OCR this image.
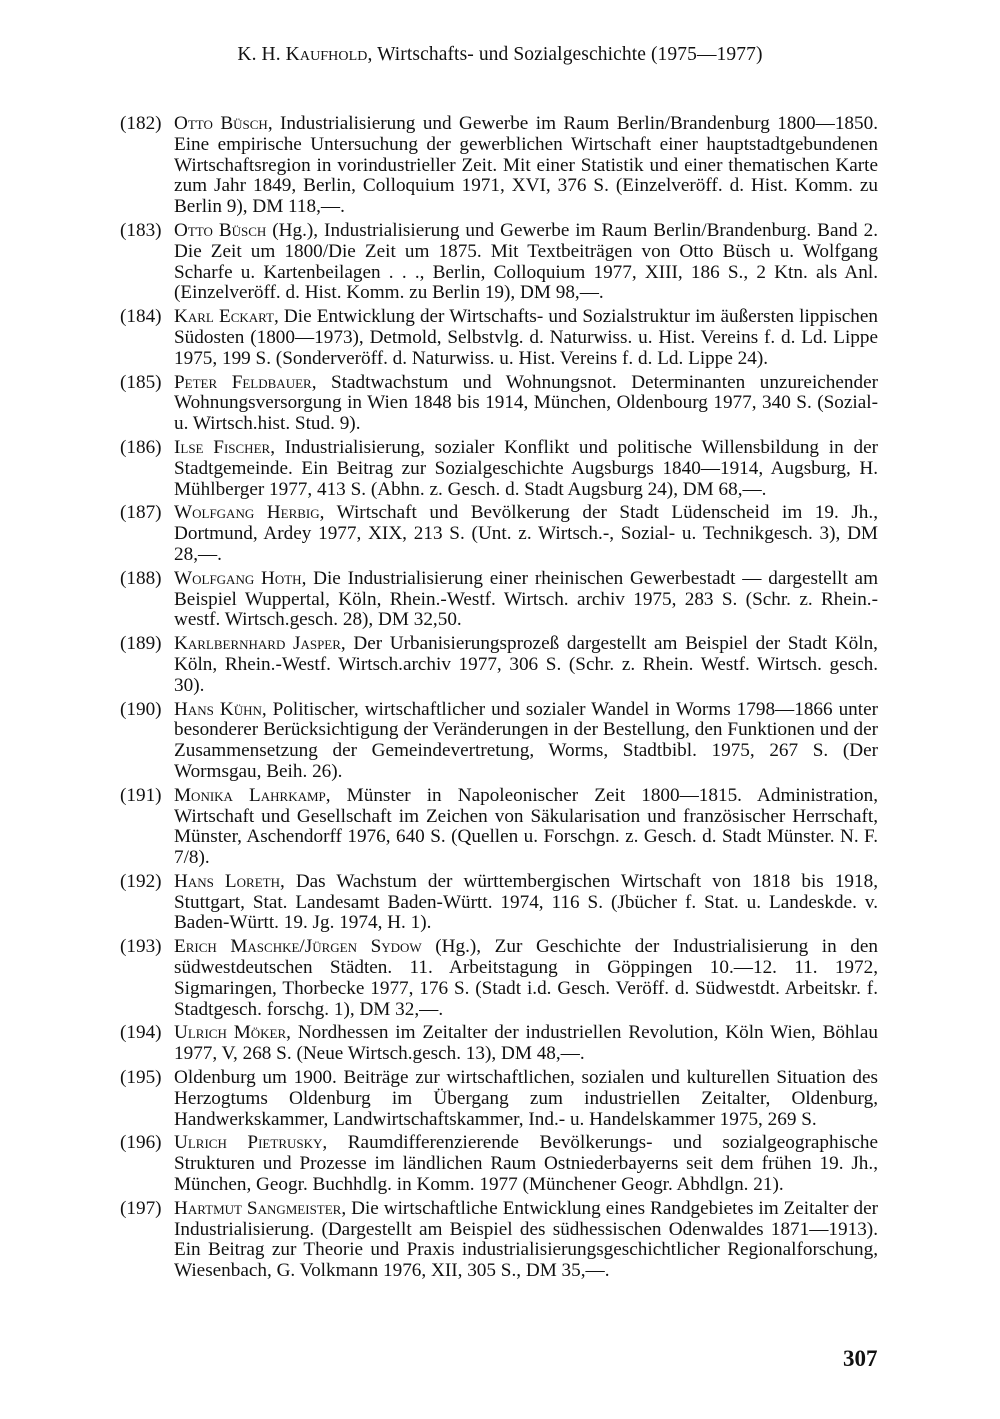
K. H. Kaufhold, Wirtschafts- und Sozialgeschichte (1975—1977)
(182) Otto Büsch, Industrialisierung und Gewerbe im Raum Berlin/Brandenburg 1800—1850. Eine empirische Untersuchung der gewerblichen Wirtschaft einer hauptstadtgebundenen Wirtschaftsregion in vorindustrieller Zeit. Mit einer Statistik und einer thematischen Karte zum Jahr 1849, Berlin, Colloquium 1971, XVI, 376 S. (Einzelveröff. d. Hist. Komm. zu Berlin 9), DM 118,—.
(183) Otto Büsch (Hg.), Industrialisierung und Gewerbe im Raum Berlin/Brandenburg. Band 2. Die Zeit um 1800/Die Zeit um 1875. Mit Textbeiträgen von Otto Büsch u. Wolfgang Scharfe u. Kartenbeilagen . . ., Berlin, Colloquium 1977, XIII, 186 S., 2 Ktn. als Anl. (Einzelveröff. d. Hist. Komm. zu Berlin 19), DM 98,—.
(184) Karl Eckart, Die Entwicklung der Wirtschafts- und Sozialstruktur im äußersten lippischen Südosten (1800—1973), Detmold, Selbstvlg. d. Naturwiss. u. Hist. Vereins f. d. Ld. Lippe 1975, 199 S. (Sonderveröff. d. Naturwiss. u. Hist. Vereins f. d. Ld. Lippe 24).
(185) Peter Feldbauer, Stadtwachstum und Wohnungsnot. Determinanten unzureichender Wohnungsversorgung in Wien 1848 bis 1914, München, Oldenbourg 1977, 340 S. (Sozial- u. Wirtsch.hist. Stud. 9).
(186) Ilse Fischer, Industrialisierung, sozialer Konflikt und politische Willensbildung in der Stadtgemeinde. Ein Beitrag zur Sozialgeschichte Augsburgs 1840—1914, Augsburg, H. Mühlberger 1977, 413 S. (Abhn. z. Gesch. d. Stadt Augsburg 24), DM 68,—.
(187) Wolfgang Herbig, Wirtschaft und Bevölkerung der Stadt Lüdenscheid im 19. Jh., Dortmund, Ardey 1977, XIX, 213 S. (Unt. z. Wirtsch.-, Sozial- u. Technikgesch. 3), DM 28,—.
(188) Wolfgang Hoth, Die Industrialisierung einer rheinischen Gewerbestadt — dargestellt am Beispiel Wuppertal, Köln, Rhein.-Westf. Wirtsch. archiv 1975, 283 S. (Schr. z. Rhein.-westf. Wirtsch.gesch. 28), DM 32,50.
(189) Karlbernhard Jasper, Der Urbanisierungsprozeß dargestellt am Beispiel der Stadt Köln, Köln, Rhein.-Westf. Wirtsch.archiv 1977, 306 S. (Schr. z. Rhein. Westf. Wirtsch. gesch. 30).
(190) Hans Kühn, Politischer, wirtschaftlicher und sozialer Wandel in Worms 1798—1866 unter besonderer Berücksichtigung der Veränderungen in der Bestellung, den Funktionen und der Zusammensetzung der Gemeindevertretung, Worms, Stadtbibl. 1975, 267 S. (Der Wormsgau, Beih. 26).
(191) Monika Lahrkamp, Münster in Napoleonischer Zeit 1800—1815. Administration, Wirtschaft und Gesellschaft im Zeichen von Säkularisation und französischer Herrschaft, Münster, Aschendorff 1976, 640 S. (Quellen u. Forschgn. z. Gesch. d. Stadt Münster. N. F. 7/8).
(192) Hans Loreth, Das Wachstum der württembergischen Wirtschaft von 1818 bis 1918, Stuttgart, Stat. Landesamt Baden-Württ. 1974, 116 S. (Jbücher f. Stat. u. Landeskde. v. Baden-Württ. 19. Jg. 1974, H. 1).
(193) Erich Maschke/Jürgen Sydow (Hg.), Zur Geschichte der Industrialisierung in den südwestdeutschen Städten. 11. Arbeitstagung in Göppingen 10.—12. 11. 1972, Sigmaringen, Thorbecke 1977, 176 S. (Stadt i.d. Gesch. Veröff. d. Südwestdt. Arbeitskr. f. Stadtgesch. forschg. 1), DM 32,—.
(194) Ulrich Möker, Nordhessen im Zeitalter der industriellen Revolution, Köln Wien, Böhlau 1977, V, 268 S. (Neue Wirtsch.gesch. 13), DM 48,—.
(195) Oldenburg um 1900. Beiträge zur wirtschaftlichen, sozialen und kulturellen Situation des Herzogtums Oldenburg im Übergang zum industriellen Zeitalter, Oldenburg, Handwerkskammer, Landwirtschaftskammer, Ind.- u. Handelskammer 1975, 269 S.
(196) Ulrich Pietrusky, Raumdifferenzierende Bevölkerungs- und sozialgeographische Strukturen und Prozesse im ländlichen Raum Ostniederbayerns seit dem frühen 19. Jh., München, Geogr. Buchhdlg. in Komm. 1977 (Münchener Geogr. Abhdlgn. 21).
(197) Hartmut Sangmeister, Die wirtschaftliche Entwicklung eines Randgebietes im Zeitalter der Industrialisierung. (Dargestellt am Beispiel des südhessischen Odenwaldes 1871—1913). Ein Beitrag zur Theorie und Praxis industrialisierungsgeschichtlicher Regionalforschung, Wiesenbach, G. Volkmann 1976, XII, 305 S., DM 35,—.
307
